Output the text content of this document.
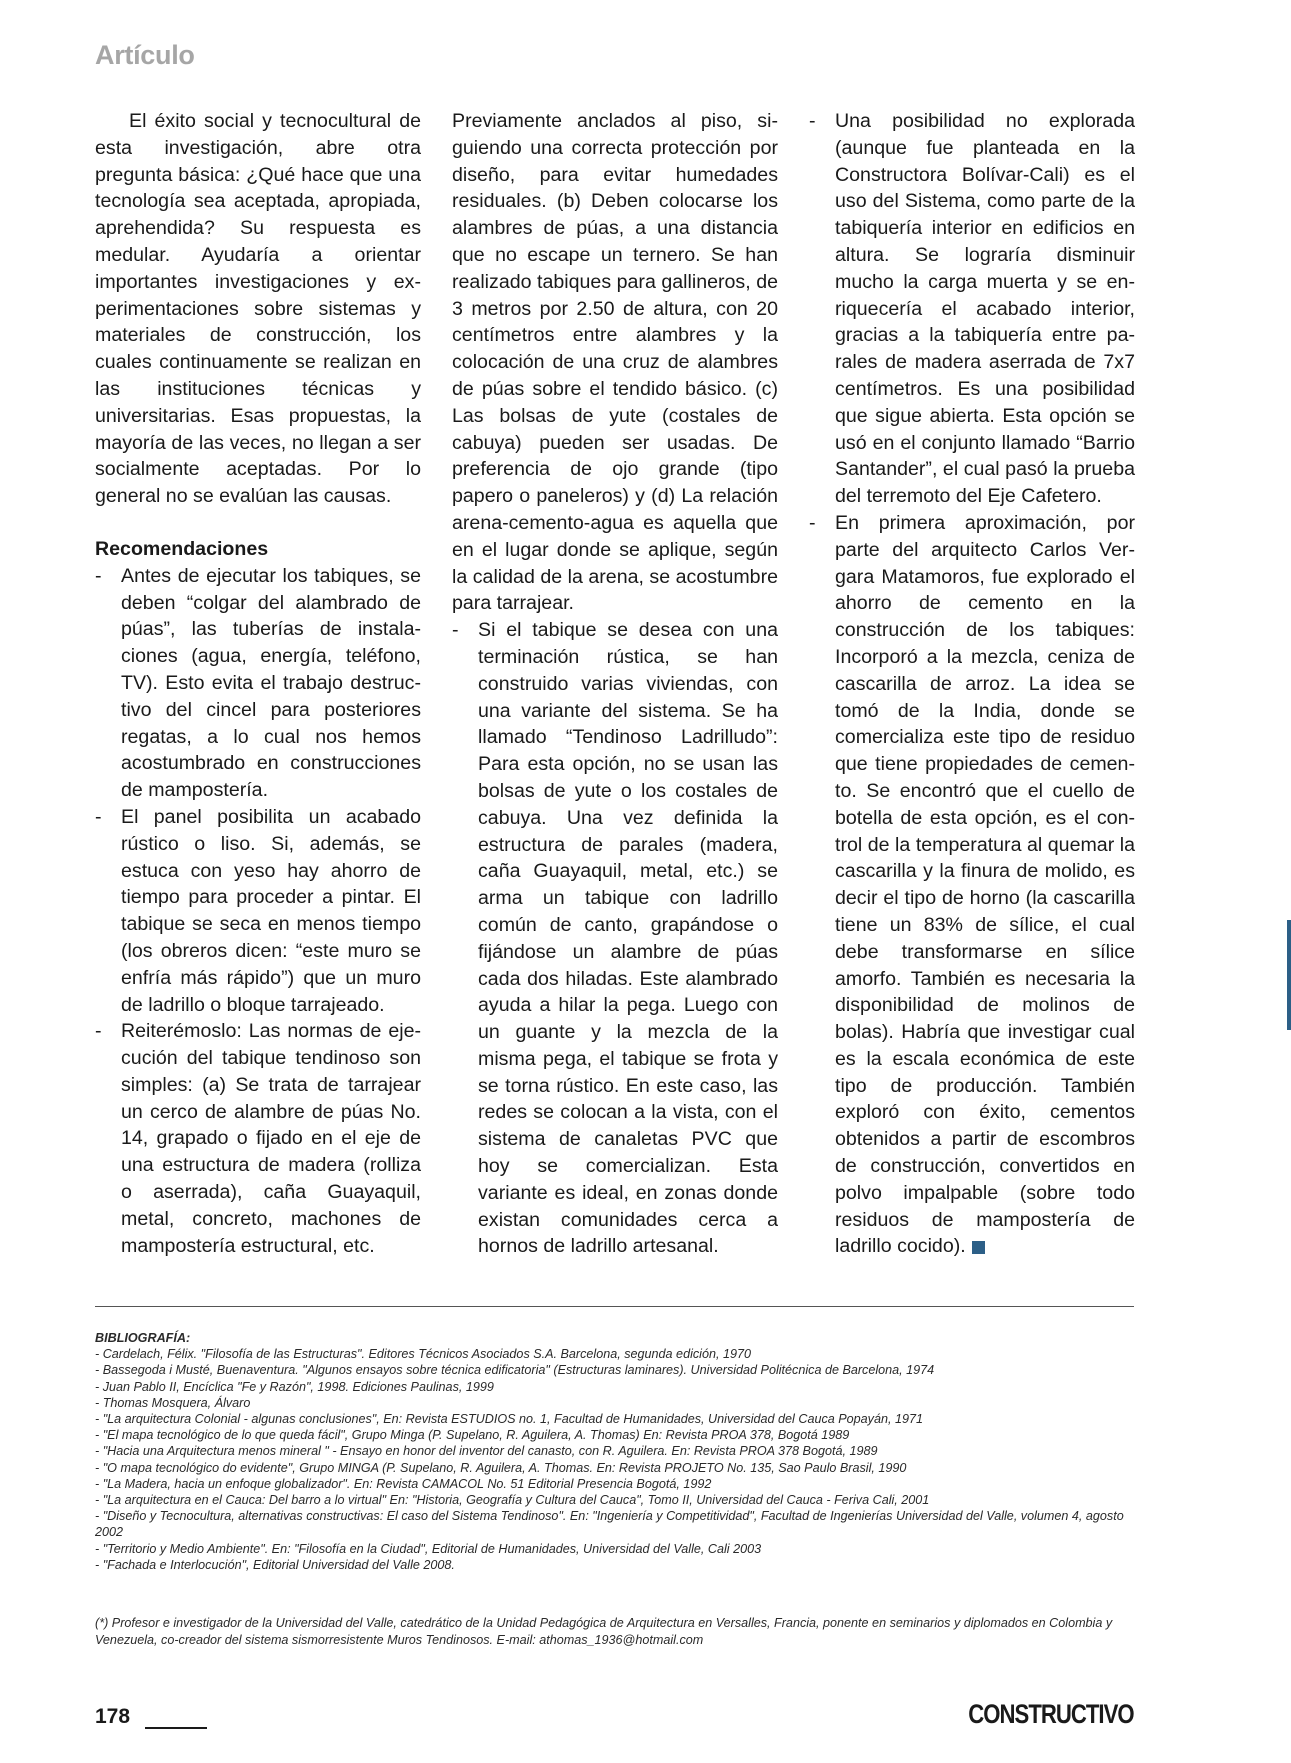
Artículo

El éxito social y tecnocultural de esta investigación, abre otra pregunta básica: ¿Qué hace que una tecnología sea aceptada, apropiada, aprehendida? Su respuesta es medular. Ayudaría a orientar importantes investigaciones y experimentaciones sobre sistemas y materiales de construcción, los cuales continuamente se realizan en las instituciones técnicas y universitarias. Esas propuestas, la mayoría de las veces, no llegan a ser socialmente aceptadas. Por lo general no se evalúan las causas.

Recomendaciones
- Antes de ejecutar los tabiques, se deben “colgar del alambrado de púas”, las tuberías de instalaciones (agua, energía, teléfono, TV). Esto evita el trabajo destructivo del cincel para posteriores regatas, a lo cual nos hemos acostumbrado en construcciones de mampostería.
- El panel posibilita un acabado rústico o liso. Si, además, se estuca con yeso hay ahorro de tiempo para proceder a pintar. El tabique se seca en menos tiempo (los obreros dicen: “este muro se enfría más rápido”) que un muro de ladrillo o bloque tarrajeado.
- Reiterémoslo: Las normas de ejecución del tabique tendinoso son simples: (a) Se trata de tarrajear un cerco de alambre de púas No. 14, grapado o fijado en el eje de una estructura de madera (rolliza o aserrada), caña Guayaquil, metal, concreto, machones de mampostería estructural, etc.

Previamente anclados al piso, siguiendo una correcta protección por diseño, para evitar humedades residuales. (b) Deben colocarse los alambres de púas, a una distancia que no escape un ternero. Se han realizado tabiques para gallineros, de 3 metros por 2.50 de altura, con 20 centímetros entre alambres y la colocación de una cruz de alambres de púas sobre el tendido básico. (c) Las bolsas de yute (costales de cabuya) pueden ser usadas. De preferencia de ojo grande (tipo papero o paneleros) y (d) La relación arena-cemento-agua es aquella que en el lugar donde se aplique, según la calidad de la arena, se acostumbre para tarrajear.

- Si el tabique se desea con una terminación rústica, se han construido varias viviendas, con una variante del sistema. Se ha llamado “Tendinoso Ladrilludo”: Para esta opción, no se usan las bolsas de yute o los costales de cabuya. Una vez definida la estructura de parales (madera, caña Guayaquil, metal, etc.) se arma un tabique con ladrillo común de canto, grapándose o fijándose un alambre de púas cada dos hiladas. Este alambrado ayuda a hilar la pega. Luego con un guante y la mezcla de la misma pega, el tabique se frota y se torna rústico. En este caso, las redes se colocan a la vista, con el sistema de canaletas PVC que hoy se comercializan. Esta variante es ideal, en zonas donde existan comunidades cerca a hornos de ladrillo artesanal.
- Una posibilidad no explorada (aunque fue planteada en la Constructora Bolívar-Cali) es el uso del Sistema, como parte de la tabiquería interior en edificios en altura. Se lograría disminuir mucho la carga muerta y se enriquecería el acabado interior, gracias a la tabiquería entre parales de madera aserrada de 7x7 centímetros. Es una posibilidad que sigue abierta. Esta opción se usó en el conjunto llamado “Barrio Santander”, el cual pasó la prueba del terremoto del Eje Cafetero.
- En primera aproximación, por parte del arquitecto Carlos Vergara Matamoros, fue explorado el ahorro de cemento en la construcción de los tabiques: Incorporó a la mezcla, ceniza de cascarilla de arroz. La idea se tomó de la India, donde se comercializa este tipo de residuo que tiene propiedades de cemento. Se encontró que el cuello de botella de esta opción, es el control de la temperatura al quemar la cascarilla y la finura de molido, es decir el tipo de horno (la cascarilla tiene un 83% de sílice, el cual debe transformarse en sílice amorfo. También es necesaria la disponibilidad de molinos de bolas). Habría que investigar cual es la escala económica de este tipo de producción. También exploró con éxito, cementos obtenidos a partir de escombros de construcción, convertidos en polvo impalpable (sobre todo residuos de mampostería de ladrillo cocido).
BIBLIOGRAFÍA:

- Cardelach, Félix. "Filosofía de las Estructuras". Editores Técnicos Asociados S.A. Barcelona, segunda edición, 1970

- Bassegoda i Musté, Buenaventura. "Algunos ensayos sobre técnica edificatoria" (Estructuras laminares). Universidad Politécnica de Barcelona, 1974

- Juan Pablo II, Encíclica "Fe y Razón", 1998. Ediciones Paulinas, 1999

- Thomas Mosquera, Álvaro

- "La arquitectura Colonial - algunas conclusiones", En: Revista ESTUDIOS no. 1, Facultad de Humanidades, Universidad del Cauca Popayán, 1971

- "El mapa tecnológico de lo que queda fácil", Grupo Minga (P. Supelano, R. Aguilera, A. Thomas) En: Revista PROA 378, Bogotá 1989

- "Hacia una Arquitectura menos mineral " - Ensayo en honor del inventor del canasto, con R. Aguilera. En: Revista PROA 378 Bogotá, 1989

- "O mapa tecnológico do evidente", Grupo MINGA (P. Supelano, R. Aguilera, A. Thomas. En: Revista PROJETO No. 135, Sao Paulo Brasil, 1990

- "La Madera, hacia un enfoque globalizador". En: Revista CAMACOL No. 51 Editorial Presencia Bogotá, 1992

- "La arquitectura en el Cauca: Del barro a lo virtual" En: "Historia, Geografía y Cultura del Cauca", Tomo II, Universidad del Cauca - Feriva Cali, 2001

- "Diseño y Tecnocultura, alternativas constructivas: El caso del Sistema Tendinoso". En: "Ingeniería y Competitividad", Facultad de Ingenierías Universidad del Valle, volumen 4, agosto 2002

- "Territorio y Medio Ambiente". En: "Filosofía en la Ciudad", Editorial de Humanidades, Universidad del Valle, Cali 2003

- "Fachada e Interlocución", Editorial Universidad del Valle 2008.

(*) Profesor e investigador de la Universidad del Valle, catedrático de la Unidad Pedagógica de Arquitectura en Versalles, Francia, ponente en seminarios y diplomados en Colombia y Venezuela, co-creador del sistema sismorresistente Muros Tendinosos. E-mail: athomas_1936@hotmail.com
178	CONSTRUCTIVO
